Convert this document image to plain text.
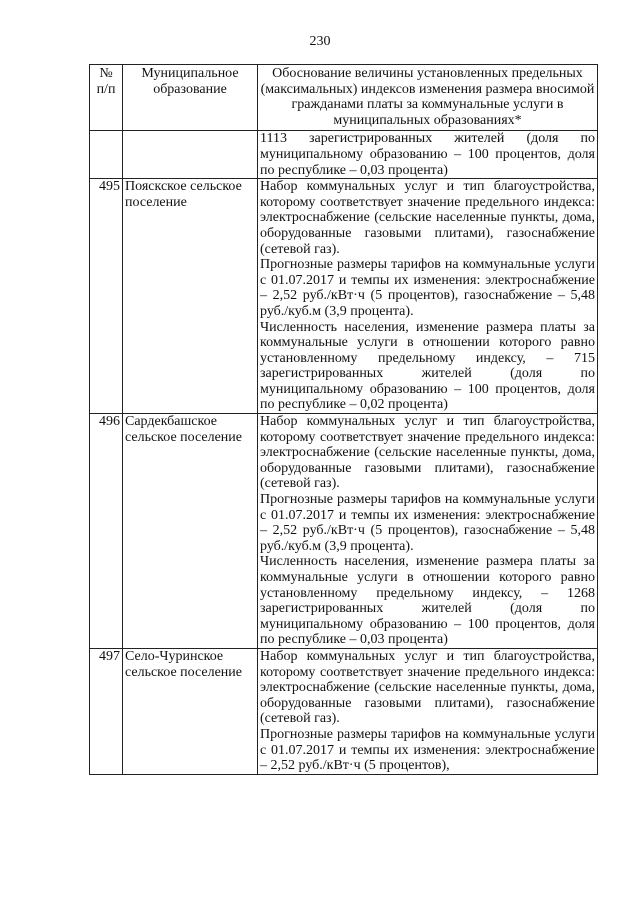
230
№ п/п	Муниципальное образование	Обоснование величины установленных предельных (максимальных) индексов изменения размера вносимой гражданами платы за коммунальные услуги в муниципальных образованиях*

		1113 зарегистрированных жителей (доля по муниципальному образованию – 100 процентов, доля по республике – 0,03 процента)

495	Пояскское сельское поселение	Набор коммунальных услуг и тип благоустройства, которому соответствует значение предельного индекса: электроснабжение (сельские населенные пункты, дома, оборудованные газовыми плитами), газоснабжение (сетевой газ).
Прогнозные размеры тарифов на коммунальные услуги с 01.07.2017 и темпы их изменения: электроснабжение – 2,52 руб./кВт·ч (5 процентов), газоснабжение – 5,48 руб./куб.м (3,9 процента).
Численность населения, изменение размера платы за коммунальные услуги в отношении которого равно установленному предельному индексу, – 715 зарегистрированных жителей (доля по муниципальному образованию – 100 процентов, доля по республике – 0,02 процента)

496	Сардекбашское сельское поселение	Набор коммунальных услуг и тип благоустройства, которому соответствует значение предельного индекса: электроснабжение (сельские населенные пункты, дома, оборудованные газовыми плитами), газоснабжение (сетевой газ).
Прогнозные размеры тарифов на коммунальные услуги с 01.07.2017 и темпы их изменения: электроснабжение – 2,52 руб./кВт·ч (5 процентов), газоснабжение – 5,48 руб./куб.м (3,9 процента).
Численность населения, изменение размера платы за коммунальные услуги в отношении которого равно установленному предельному индексу, – 1268 зарегистрированных жителей (доля по муниципальному образованию – 100 процентов, доля по республике – 0,03 процента)

497	Село-Чуринское сельское поселение	Набор коммунальных услуг и тип благоустройства, которому соответствует значение предельного индекса: электроснабжение (сельские населенные пункты, дома, оборудованные газовыми плитами), газоснабжение (сетевой газ).
Прогнозные размеры тарифов на коммунальные услуги с 01.07.2017 и темпы их изменения: электроснабжение – 2,52 руб./кВт·ч (5 процентов),
